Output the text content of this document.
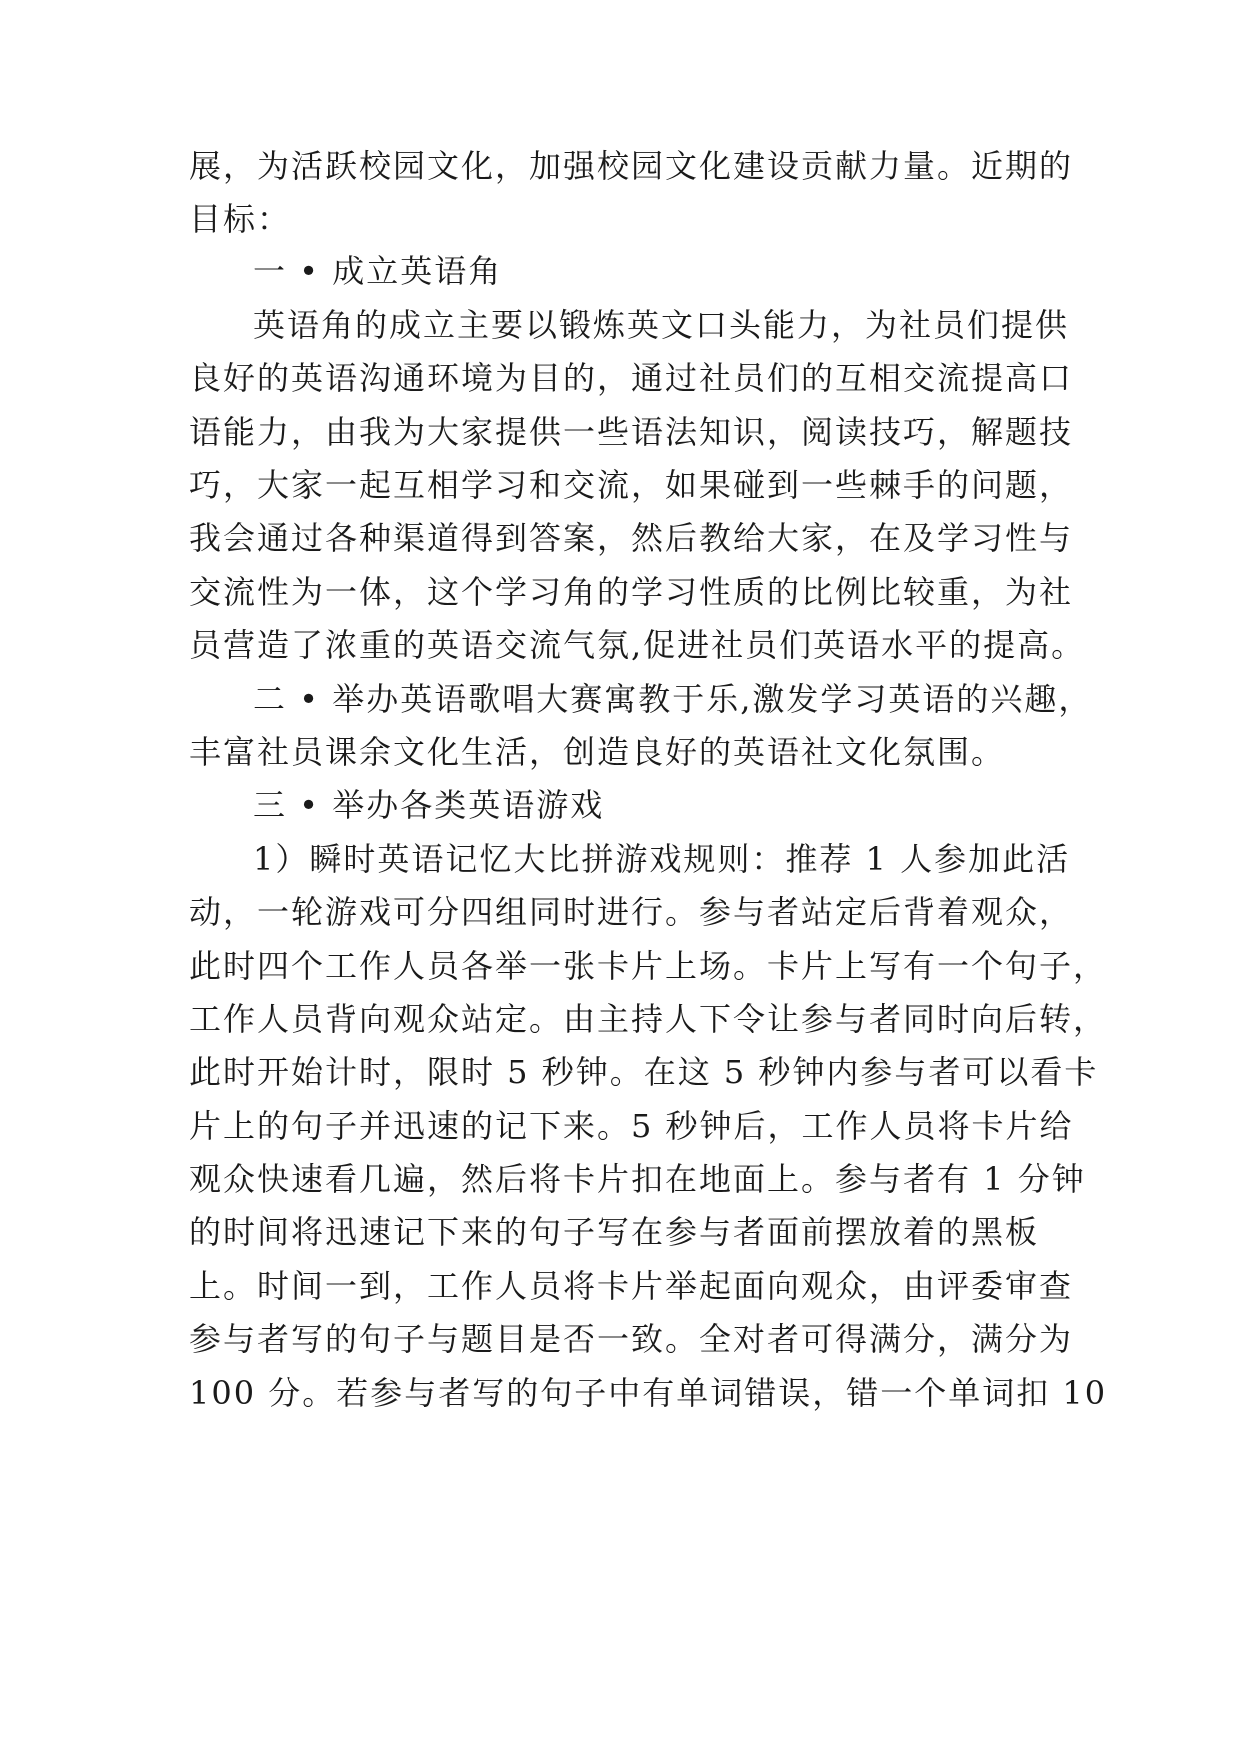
展，为活跃校园文化，加强校园文化建设贡献力量。近期的
目标：
一 • 成立英语角
英语角的成立主要以锻炼英文口头能力，为社员们提供
良好的英语沟通环境为目的，通过社员们的互相交流提高口
语能力，由我为大家提供一些语法知识，阅读技巧，解题技
巧，大家一起互相学习和交流，如果碰到一些棘手的问题，
我会通过各种渠道得到答案，然后教给大家，在及学习性与
交流性为一体，这个学习角的学习性质的比例比较重，为社
员营造了浓重的英语交流气氛,促进社员们英语水平的提高。
二 • 举办英语歌唱大赛寓教于乐,激发学习英语的兴趣，
丰富社员课余文化生活，创造良好的英语社文化氛围。
三 • 举办各类英语游戏
1）瞬时英语记忆大比拼游戏规则：推荐 1 人参加此活
动，一轮游戏可分四组同时进行。参与者站定后背着观众，
此时四个工作人员各举一张卡片上场。卡片上写有一个句子，
工作人员背向观众站定。由主持人下令让参与者同时向后转，
此时开始计时，限时 5 秒钟。在这 5 秒钟内参与者可以看卡
片上的句子并迅速的记下来。5 秒钟后，工作人员将卡片给
观众快速看几遍，然后将卡片扣在地面上。参与者有 1 分钟
的时间将迅速记下来的句子写在参与者面前摆放着的黑板
上。时间一到，工作人员将卡片举起面向观众，由评委审查
参与者写的句子与题目是否一致。全对者可得满分，满分为
100 分。若参与者写的句子中有单词错误，错一个单词扣 10
